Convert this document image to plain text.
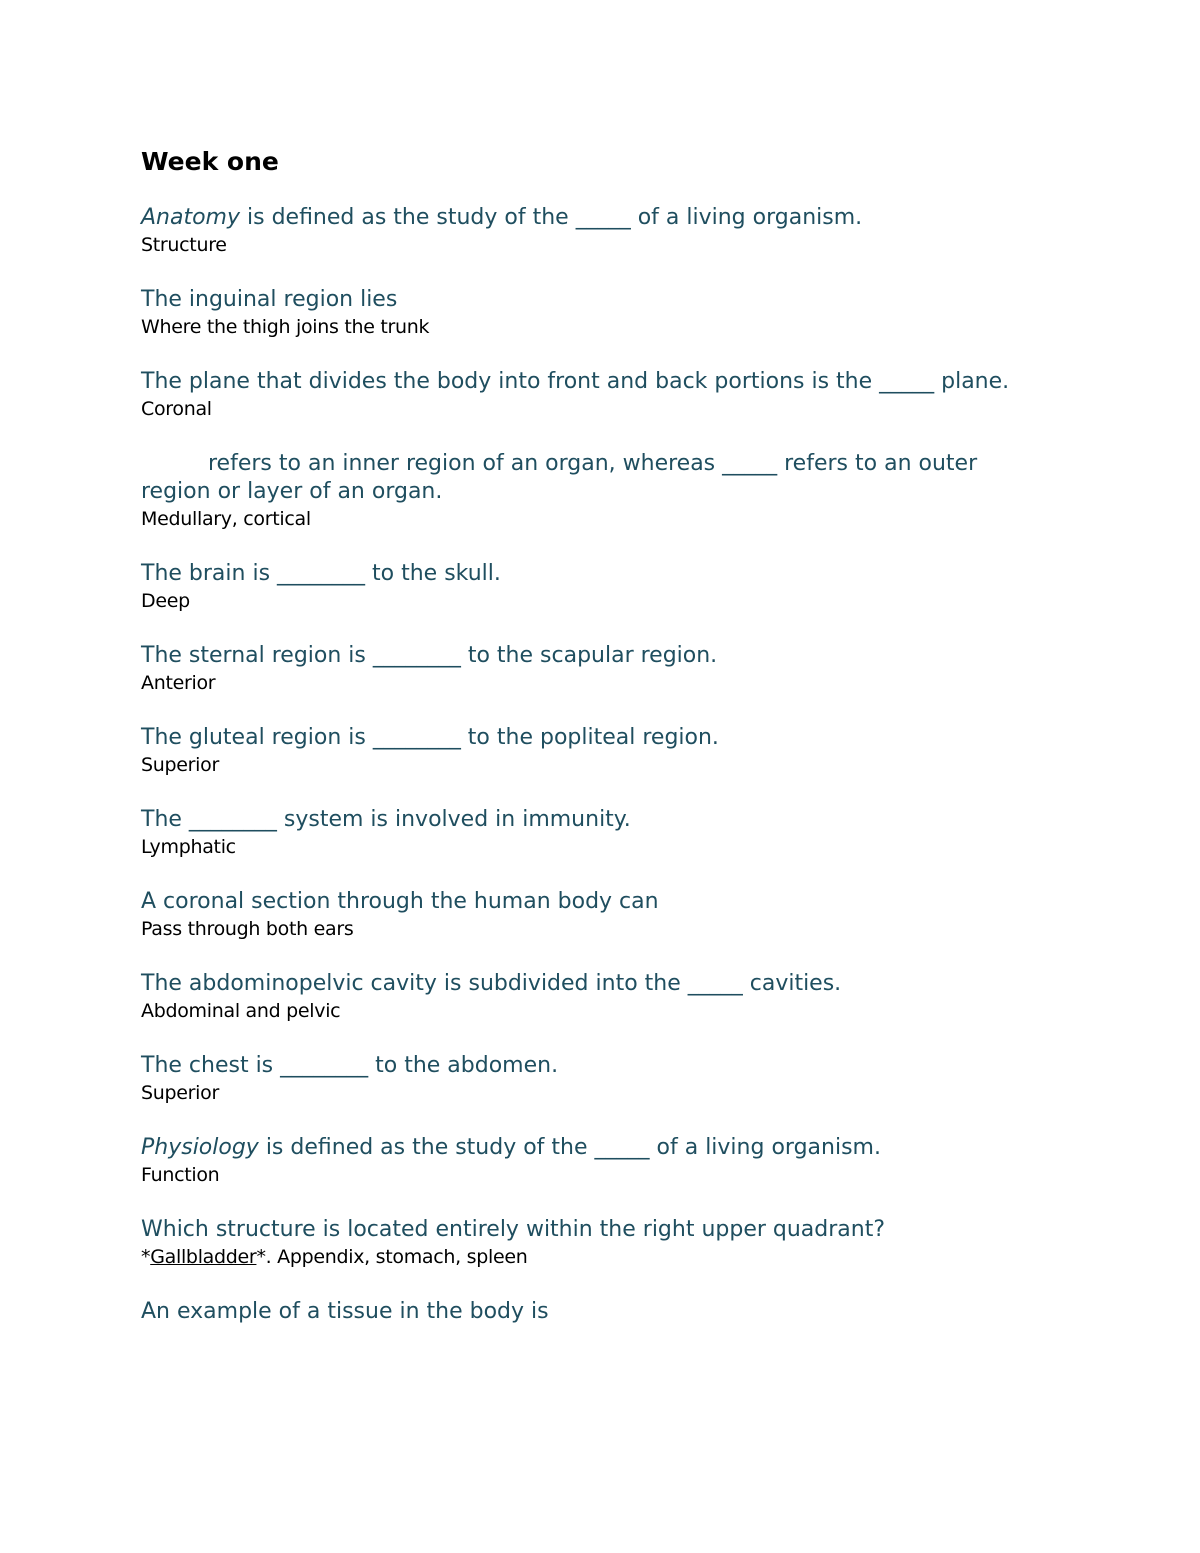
Week one

Anatomy is defined as the study of the _____ of a living organism.

Structure

The inguinal region lies

Where the thigh joins the trunk

The plane that divides the body into front and back portions is the _____ plane.

Coronal

refers to an inner region of an organ, whereas _____ refers to an outer region or layer of an organ.

Medullary, cortical

The brain is ________ to the skull.

Deep

The sternal region is ________ to the scapular region.

Anterior

The gluteal region is ________ to the popliteal region.

Superior

The ________ system is involved in immunity.

Lymphatic

A coronal section through the human body can

Pass through both ears

The abdominopelvic cavity is subdivided into the _____ cavities.

Abdominal and pelvic

The chest is ________ to the abdomen.

Superior

Physiology is defined as the study of the _____ of a living organism.

Function

Which structure is located entirely within the right upper quadrant?

*Gallbladder*. Appendix, stomach, spleen

An example of a tissue in the body is
